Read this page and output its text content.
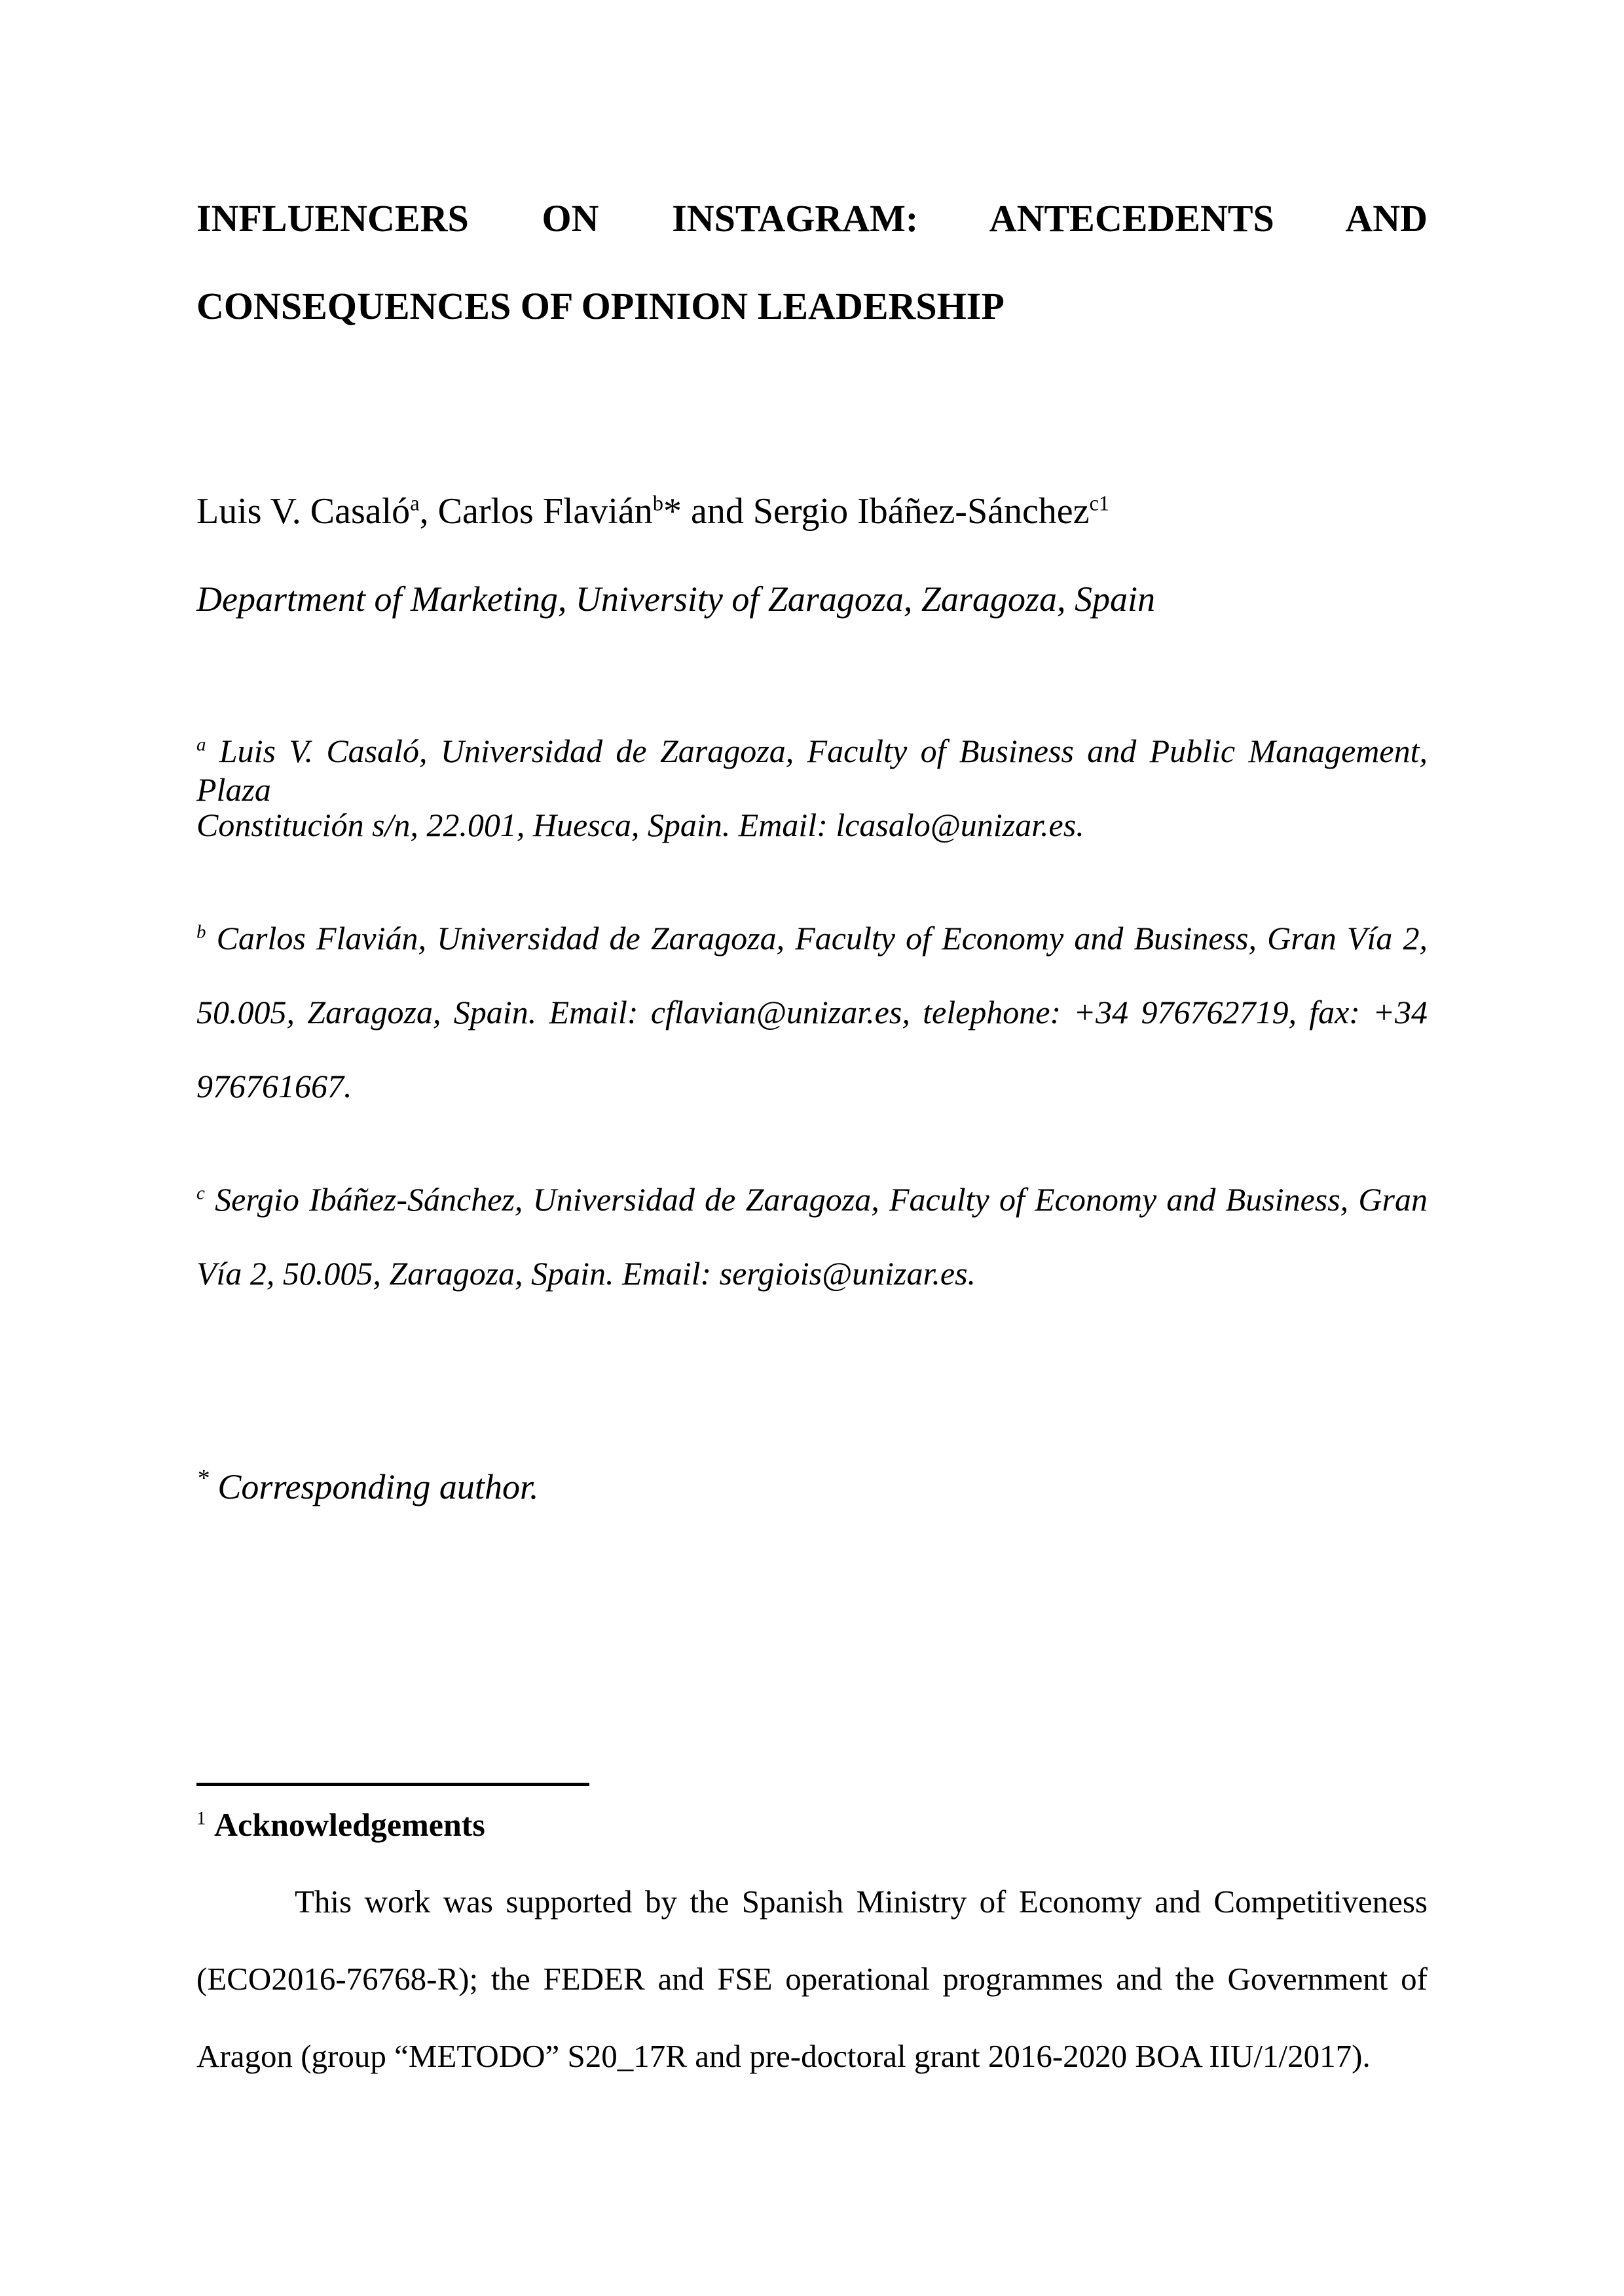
INFLUENCERS ON INSTAGRAM: ANTECEDENTS AND
CONSEQUENCES OF OPINION LEADERSHIP
Luis V. Casaló$^a$, Carlos Flavián$^b$* and Sergio Ibáñez-Sánchez$^{c1}$
Department of Marketing, University of Zaragoza, Zaragoza, Spain
$^a$ Luis V. Casaló, Universidad de Zaragoza, Faculty of Business and Public Management, Plaza
Constitución s/n, 22.001, Huesca, Spain. Email: lcasalo@unizar.es.
$^b$ Carlos Flavián, Universidad de Zaragoza, Faculty of Economy and Business, Gran Vía 2,
50.005, Zaragoza, Spain. Email: cflavian@unizar.es, telephone: +34 976762719, fax: +34
976761667.
$^c$ Sergio Ibáñez-Sánchez, Universidad de Zaragoza, Faculty of Economy and Business, Gran
Vía 2, 50.005, Zaragoza, Spain. Email: sergiois@unizar.es.
* Corresponding author.
$^1$ Acknowledgements
This work was supported by the Spanish Ministry of Economy and Competitiveness
(ECO2016-76768-R); the FEDER and FSE operational programmes and the Government of
Aragon (group “METODO” S20_17R and pre-doctoral grant 2016-2020 BOA IIU/1/2017).
